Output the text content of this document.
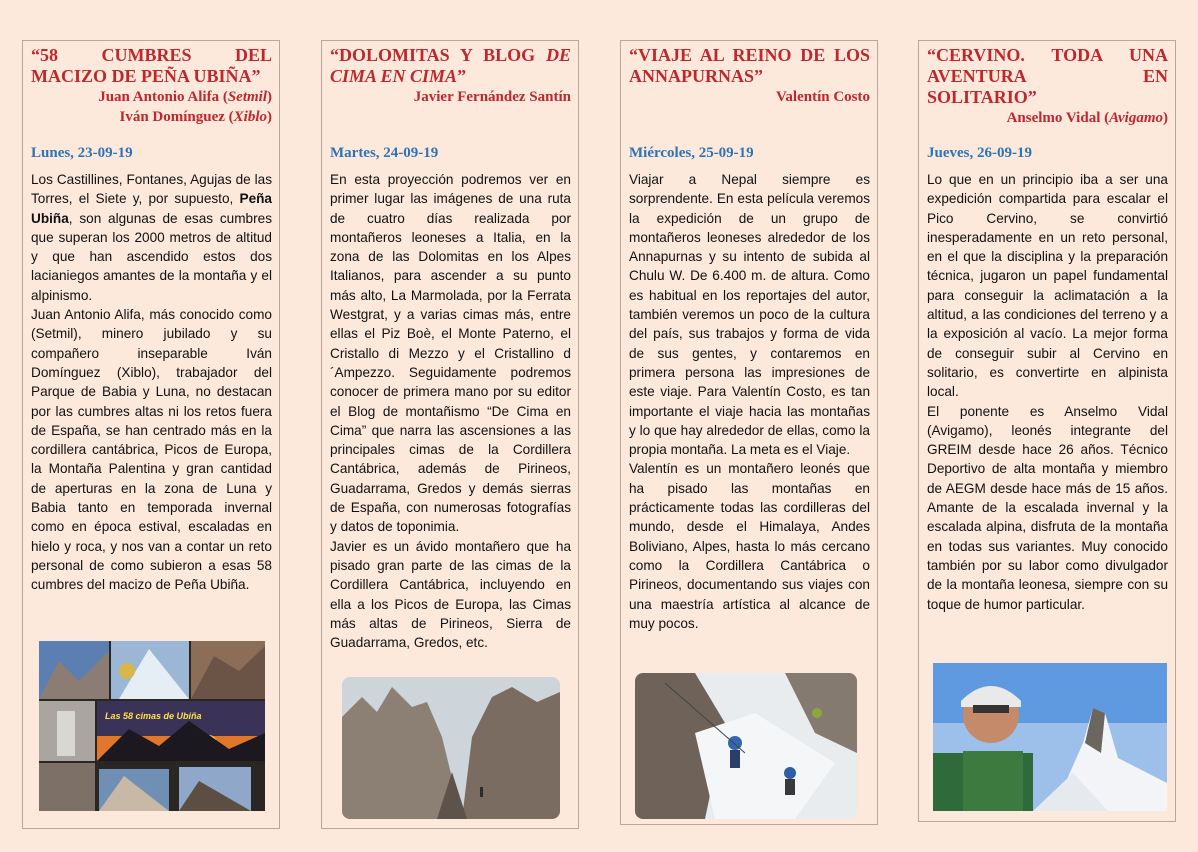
“58 CUMBRES DEL MACIZO DE PEÑA UBIÑA”
Juan Antonio Alifa (Setmil)
Iván Domínguez (Xiblo)
Lunes, 23-09-19

Los Castillines, Fontanes, Agujas de las Torres, el Siete y, por supuesto, Peña Ubiña, son algunas de esas cumbres que superan los 2000 metros de altitud y que han ascendido estos dos lacianiegos amantes de la montaña y el alpinismo.

Juan Antonio Alifa, más conocido como (Setmil), minero jubilado y su compañero inseparable Iván Domínguez (Xiblo), trabajador del Parque de Babia y Luna, no destacan por las cumbres altas ni los retos fuera de España, se han centrado más en la cordillera cantábrica, Picos de Europa, la Montaña Palentina y gran cantidad de aperturas en la zona de Luna y Babia tanto en temporada invernal como en época estival, escaladas en hielo y roca, y nos van a contar un reto personal de como subieron a esas 58 cumbres del macizo de Peña Ubiña.

Las 58 cimas de Ubiña
“DOLOMITAS Y BLOG DE CIMA EN CIMA”
Javier Fernández Santín
Martes, 24-09-19

En esta proyección podremos ver en primer lugar las imágenes de una ruta de cuatro días realizada por montañeros leoneses a Italia, en la zona de las Dolomitas en los Alpes Italianos, para ascender a su punto más alto, La Marmolada, por la Ferrata Westgrat, y a varias cimas más, entre ellas el Piz Boè, el Monte Paterno, el Cristallo di Mezzo y el Cristallino d´Ampezzo. Seguidamente podremos conocer de primera mano por su editor el Blog de montañismo “De Cima en Cima” que narra las ascensiones a las principales cimas de la Cordillera Cantábrica, además de Pirineos, Guadarrama, Gredos y demás sierras de España, con numerosas fotografías y datos de toponimia.

Javier es un ávido montañero que ha pisado gran parte de las cimas de la Cordillera Cantábrica, incluyendo en ella a los Picos de Europa, las Cimas más altas de Pirineos, Sierra de Guadarrama, Gredos, etc.

“VIAJE AL REINO DE LOS ANNAPURNAS”
Valentín Costo
Miércoles, 25-09-19

Viajar a Nepal siempre es sorprendente. En esta película veremos la expedición de un grupo de montañeros leoneses alrededor de los Annapurnas y su intento de subida al Chulu W. De 6.400 m. de altura. Como es habitual en los reportajes del autor, también veremos un poco de la cultura del país, sus trabajos y forma de vida de sus gentes, y contaremos en primera persona las impresiones de este viaje. Para Valentín Costo, es tan importante el viaje hacia las montañas y lo que hay alrededor de ellas, como la propia montaña. La meta es el Viaje.

Valentín es un montañero leonés que ha pisado las montañas en prácticamente todas las cordilleras del mundo, desde el Himalaya, Andes Boliviano, Alpes, hasta lo más cercano como la Cordillera Cantábrica o Pirineos, documentando sus viajes con una maestría artística al alcance de muy pocos.

“CERVINO. TODA UNA AVENTURA EN SOLITARIO”
Anselmo Vidal (Avigamo)
Jueves, 26-09-19

Lo que en un principio iba a ser una expedición compartida para escalar el Pico Cervino, se convirtió inesperadamente en un reto personal, en el que la disciplina y la preparación técnica, jugaron un papel fundamental para conseguir la aclimatación a la altitud, a las condiciones del terreno y a la exposición al vacío. La mejor forma de conseguir subir al Cervino en solitario, es convertirte en alpinista local.

El ponente es Anselmo Vidal (Avigamo), leonés integrante del GREIM desde hace 26 años. Técnico Deportivo de alta montaña y miembro de AEGM desde hace más de 15 años. Amante de la escalada invernal y la escalada alpina, disfruta de la montaña en todas sus variantes. Muy conocido también por su labor como divulgador de la montaña leonesa, siempre con su toque de humor particular.
